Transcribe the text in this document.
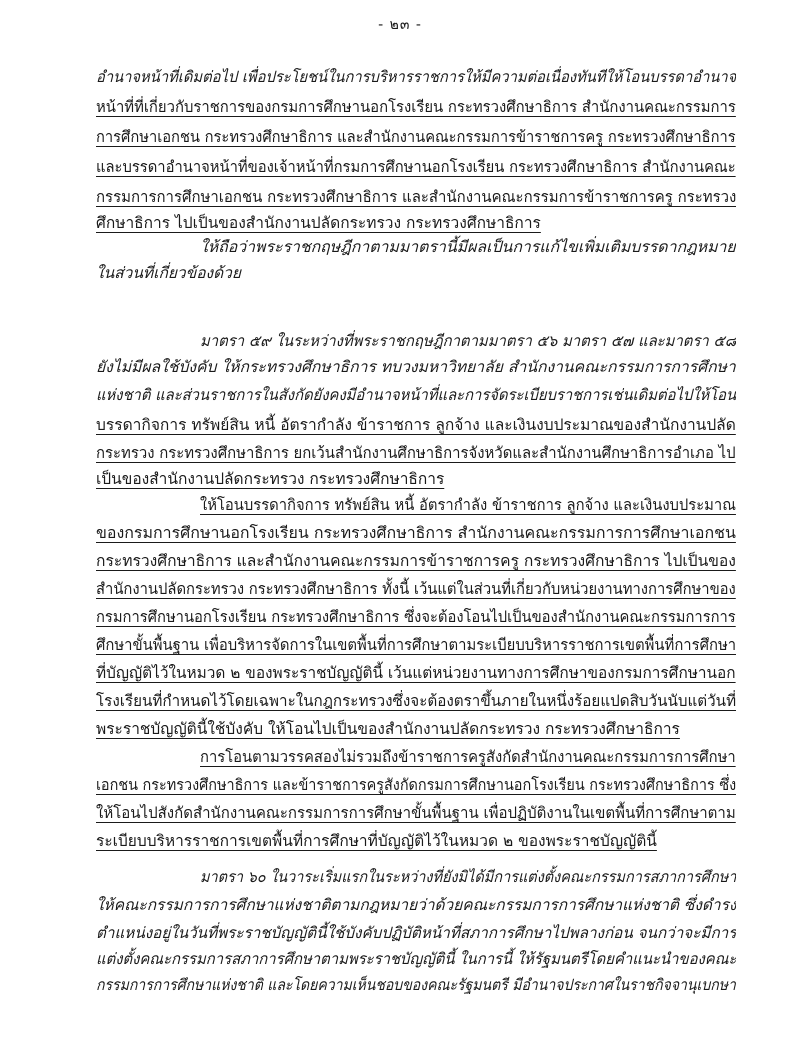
- ๒๓ -
อำนาจหน้าที่เดิมต่อไป เพื่อประโยชน์ในการบริหารราชการให้มีความต่อเนื่องทันทีให้โอนบรรดาอำนาจ
หน้าที่ที่เกี่ยวกับราชการของกรมการศึกษานอกโรงเรียน กระทรวงศึกษาธิการ สำนักงานคณะกรรมการ
การศึกษาเอกชน กระทรวงศึกษาธิการ และสำนักงานคณะกรรมการข้าราชการครู กระทรวงศึกษาธิการ
และบรรดาอำนาจหน้าที่ของเจ้าหน้าที่กรมการศึกษานอกโรงเรียน กระทรวงศึกษาธิการ สำนักงานคณะ
กรรมการการศึกษาเอกชน กระทรวงศึกษาธิการ และสำนักงานคณะกรรมการข้าราชการครู กระทรวง
ศึกษาธิการ ไปเป็นของสำนักงานปลัดกระทรวง กระทรวงศึกษาธิการ
ให้ถือว่าพระราชกฤษฎีกาตามมาตรานี้มีผลเป็นการแก้ไขเพิ่มเติมบรรดากฎหมาย
ในส่วนที่เกี่ยวข้องด้วย
มาตรา ๕๙ ในระหว่างที่พระราชกฤษฎีกาตามมาตรา ๕๖ มาตรา ๕๗ และมาตรา ๕๘
ยังไม่มีผลใช้บังคับ ให้กระทรวงศึกษาธิการ ทบวงมหาวิทยาลัย สำนักงานคณะกรรมการการศึกษา
แห่งชาติ และส่วนราชการในสังกัดยังคงมีอำนาจหน้าที่และการจัดระเบียบราชการเช่นเดิมต่อไปให้โอน
บรรดากิจการ ทรัพย์สิน หนี้ อัตรากำลัง ข้าราชการ ลูกจ้าง และเงินงบประมาณของสำนักงานปลัด
กระทรวง กระทรวงศึกษาธิการ ยกเว้นสำนักงานศึกษาธิการจังหวัดและสำนักงานศึกษาธิการอำเภอ ไป
เป็นของสำนักงานปลัดกระทรวง กระทรวงศึกษาธิการ
ให้โอนบรรดากิจการ ทรัพย์สิน หนี้ อัตรากำลัง ข้าราชการ ลูกจ้าง และเงินงบประมาณ
ของกรมการศึกษานอกโรงเรียน กระทรวงศึกษาธิการ สำนักงานคณะกรรมการการศึกษาเอกชน
กระทรวงศึกษาธิการ และสำนักงานคณะกรรมการข้าราชการครู กระทรวงศึกษาธิการ ไปเป็นของ
สำนักงานปลัดกระทรวง กระทรวงศึกษาธิการ ทั้งนี้ เว้นแต่ในส่วนที่เกี่ยวกับหน่วยงานทางการศึกษาของ
กรมการศึกษานอกโรงเรียน กระทรวงศึกษาธิการ ซึ่งจะต้องโอนไปเป็นของสำนักงานคณะกรรมการการ
ศึกษาขั้นพื้นฐาน เพื่อบริหารจัดการในเขตพื้นที่การศึกษาตามระเบียบบริหารราชการเขตพื้นที่การศึกษา
ที่บัญญัติไว้ในหมวด ๒ ของพระราชบัญญัตินี้ เว้นแต่หน่วยงานทางการศึกษาของกรมการศึกษานอก
โรงเรียนที่กำหนดไว้โดยเฉพาะในกฎกระทรวงซึ่งจะต้องตราขึ้นภายในหนึ่งร้อยแปดสิบวันนับแต่วันที่
พระราชบัญญัตินี้ใช้บังคับ ให้โอนไปเป็นของสำนักงานปลัดกระทรวง กระทรวงศึกษาธิการ
การโอนตามวรรคสองไม่รวมถึงข้าราชการครูสังกัดสำนักงานคณะกรรมการการศึกษา
เอกชน กระทรวงศึกษาธิการ และข้าราชการครูสังกัดกรมการศึกษานอกโรงเรียน กระทรวงศึกษาธิการ ซึ่ง
ให้โอนไปสังกัดสำนักงานคณะกรรมการการศึกษาขั้นพื้นฐาน เพื่อปฏิบัติงานในเขตพื้นที่การศึกษาตาม
ระเบียบบริหารราชการเขตพื้นที่การศึกษาที่บัญญัติไว้ในหมวด ๒ ของพระราชบัญญัตินี้
มาตรา ๖๐ ในวาระเริ่มแรกในระหว่างที่ยังมิได้มีการแต่งตั้งคณะกรรมการสภาการศึกษา
ให้คณะกรรมการการศึกษาแห่งชาติตามกฎหมายว่าด้วยคณะกรรมการการศึกษาแห่งชาติ ซึ่งดำรง
ตำแหน่งอยู่ในวันที่พระราชบัญญัตินี้ใช้บังคับปฏิบัติหน้าที่สภาการศึกษาไปพลางก่อน จนกว่าจะมีการ
แต่งตั้งคณะกรรมการสภาการศึกษาตามพระราชบัญญัตินี้ ในการนี้ ให้รัฐมนตรีโดยคำแนะนำของคณะ
กรรมการการศึกษาแห่งชาติ และโดยความเห็นชอบของคณะรัฐมนตรี มีอำนาจประกาศในราชกิจจานุเบกษา
